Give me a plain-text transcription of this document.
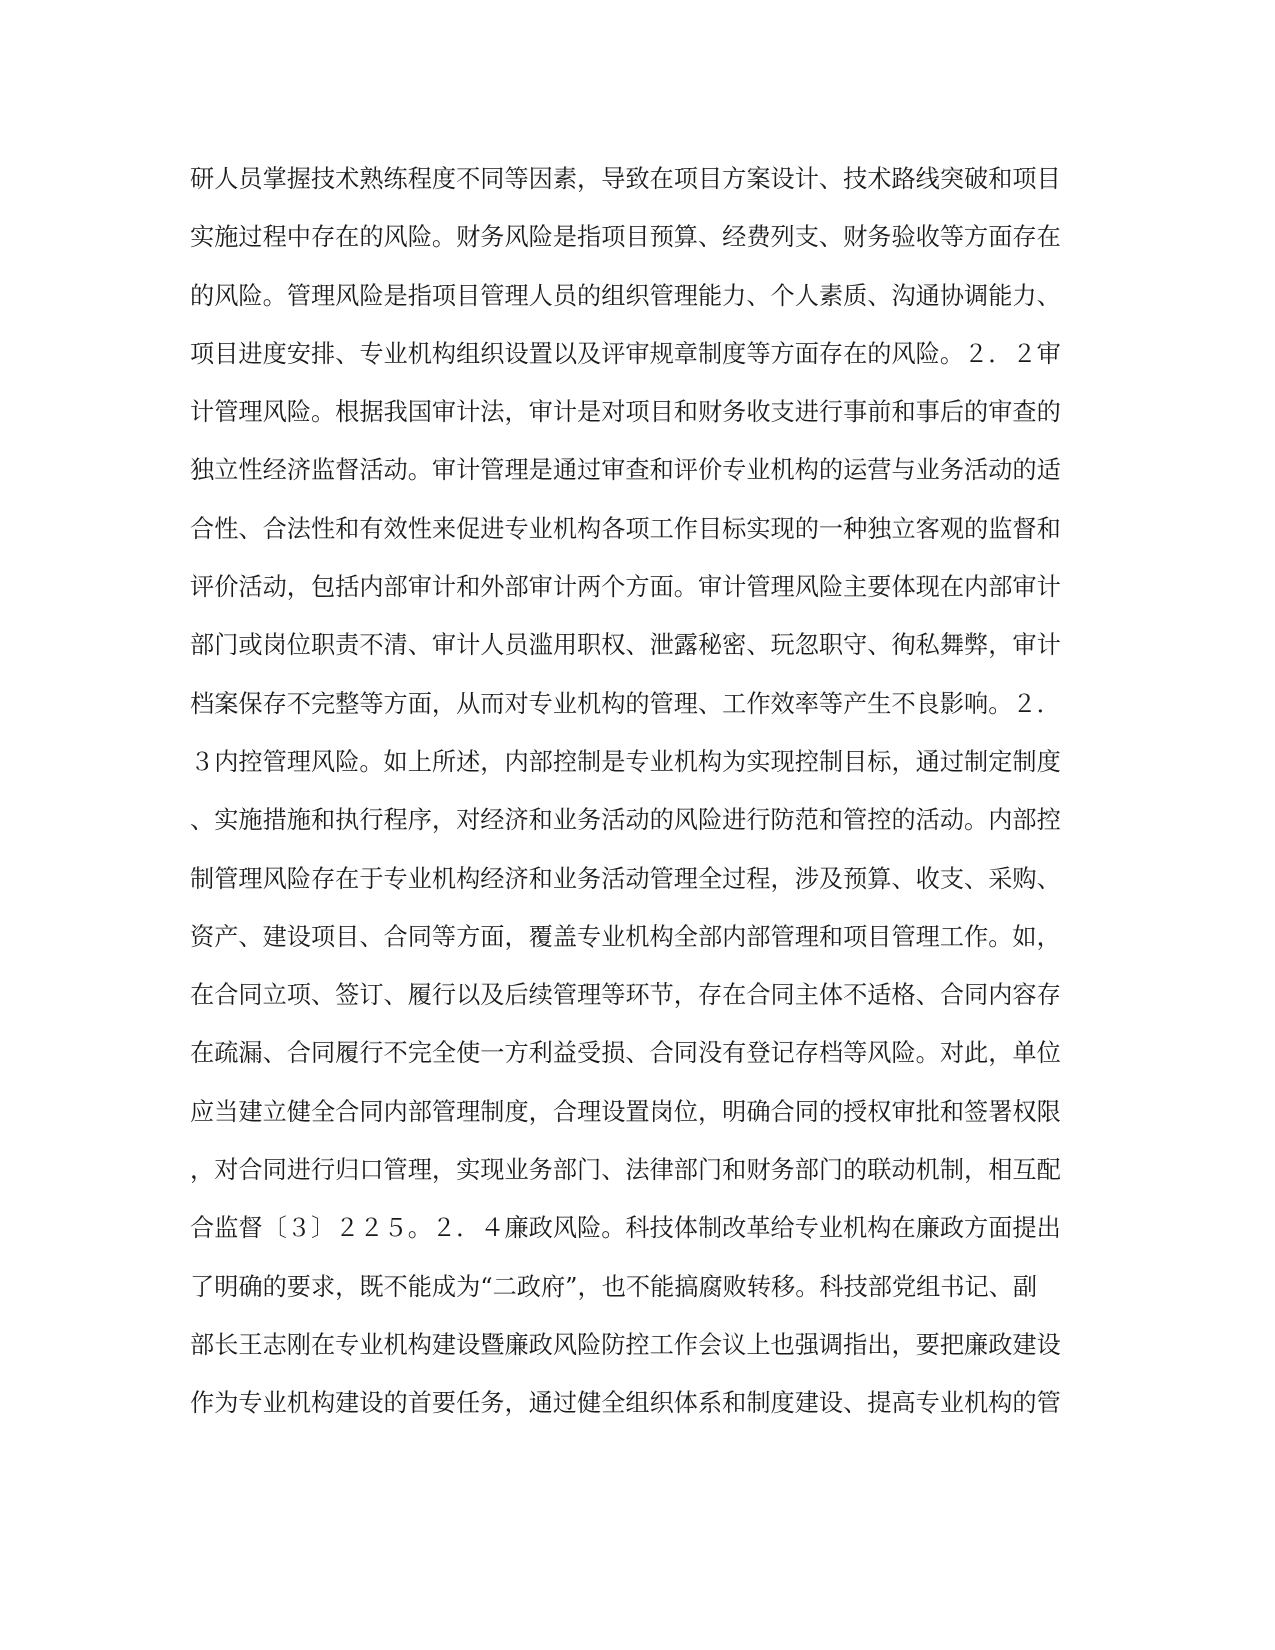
研人员掌握技术熟练程度不同等因素，导致在项目方案设计、技术路线突破和项目
实施过程中存在的风险。财务风险是指项目预算、经费列支、财务验收等方面存在
的风险。管理风险是指项目管理人员的组织管理能力、个人素质、沟通协调能力、
项目进度安排、专业机构组织设置以及评审规章制度等方面存在的风险。２．２审
计管理风险。根据我国审计法，审计是对项目和财务收支进行事前和事后的审查的
独立性经济监督活动。审计管理是通过审查和评价专业机构的运营与业务活动的适
合性、合法性和有效性来促进专业机构各项工作目标实现的一种独立客观的监督和
评价活动，包括内部审计和外部审计两个方面。审计管理风险主要体现在内部审计
部门或岗位职责不清、审计人员滥用职权、泄露秘密、玩忽职守、徇私舞弊，审计
档案保存不完整等方面，从而对专业机构的管理、工作效率等产生不良影响。２．
３内控管理风险。如上所述，内部控制是专业机构为实现控制目标，通过制定制度
、实施措施和执行程序，对经济和业务活动的风险进行防范和管控的活动。内部控
制管理风险存在于专业机构经济和业务活动管理全过程，涉及预算、收支、采购、
资产、建设项目、合同等方面，覆盖专业机构全部内部管理和项目管理工作。如，
在合同立项、签订、履行以及后续管理等环节，存在合同主体不适格、合同内容存
在疏漏、合同履行不完全使一方利益受损、合同没有登记存档等风险。对此，单位
应当建立健全合同内部管理制度，合理设置岗位，明确合同的授权审批和签署权限
，对合同进行归口管理，实现业务部门、法律部门和财务部门的联动机制，相互配
合监督〔３〕２２５。２．４廉政风险。科技体制改革给专业机构在廉政方面提出
了明确的要求，既不能成为“二政府”，也不能搞腐败转移。科技部党组书记、副
部长王志刚在专业机构建设暨廉政风险防控工作会议上也强调指出，要把廉政建设
作为专业机构建设的首要任务，通过健全组织体系和制度建设、提高专业机构的管
